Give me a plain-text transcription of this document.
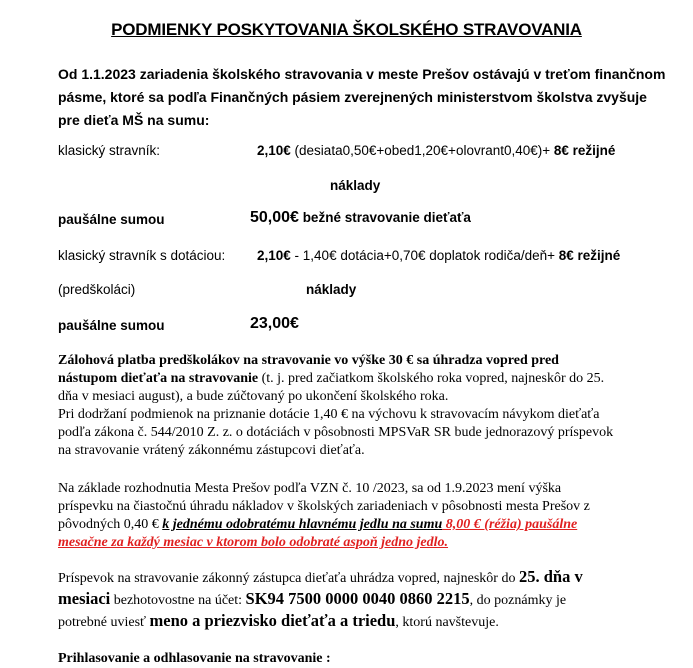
PODMIENKY POSKYTOVANIA ŠKOLSKÉHO STRAVOVANIA
Od 1.1.2023 zariadenia školského stravovania v meste Prešov ostávajú v treťom finančnom pásme, ktoré sa podľa Finančných pásiem zverejnených ministerstvom školstva zvyšuje pre dieťa MŠ na sumu:
klasický stravník:	2,10€ (desiata0,50€+obed1,20€+olovrant0,40€)+ 8€ režijné
náklady
paušálne sumou	50,00€ bežné stravovanie dieťaťa
klasický stravník s dotáciou: 2,10€ - 1,40€ dotácia+0,70€ doplatok rodiča/deň+ 8€ režijné
(predškoláci)	náklady
paušálne sumou	23,00€
Zálohová platba predškolákov na stravovanie vo výške 30 € sa úhradza vopred pred nástupom dieťaťa na stravovanie (t. j. pred začiatkom školského roka vopred, najneskôr do 25. dňa v mesiaci august), a bude zúčtovaný po ukončení školského roka.
Pri dodržaní podmienok na priznanie dotácie 1,40 € na výchovu k stravovacím návykom dieťaťa podľa zákona č. 544/2010 Z. z. o dotáciách v pôsobnosti MPSVaR SR bude jednorazový príspevok na stravovanie vrátený zákonnému zástupcovi dieťaťa.
Na základe rozhodnutia Mesta Prešov podľa VZN č. 10 /2023, sa od 1.9.2023 mení výška príspevku na čiastočnú úhradu nákladov v školských zariadeniach v pôsobnosti mesta Prešov z pôvodných 0,40 € k jednému odobratému hlavnému jedlu na sumu 8,00 € (réžia) paušálne mesačne za každý mesiac v ktorom bolo odobraté aspoň jedno jedlo.
Príspevok na stravovanie zákonný zástupca dieťaťa uhrádza vopred, najneskôr do 25. dňa v mesiaci bezhotovostne na účet: SK94 7500 0000 0040 0860 2215, do poznámky je potrebné uviesť meno a priezvisko dieťaťa a triedu, ktorú navštevuje.
Prihlasovanie a odhlasovanie na stravovanie :
